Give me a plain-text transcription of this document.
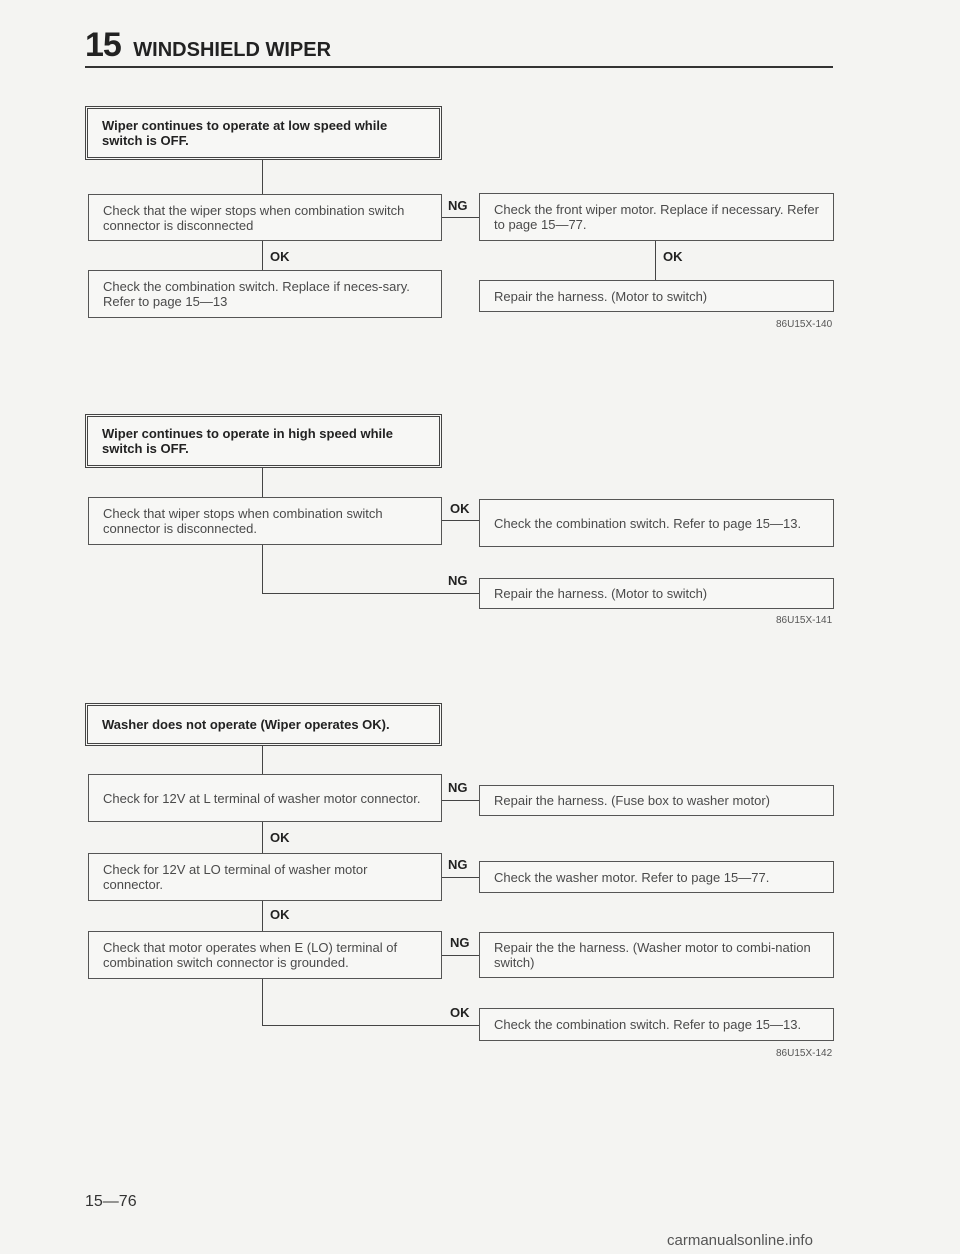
15 WINDSHIELD WIPER
Wiper continues to operate at low speed while switch is OFF.
Check that the wiper stops when combination switch connector is disconnected
NG Check the front wiper motor. Replace if necessary. Refer to page 15—77.
OK	OK
Check the combination switch. Replace if neces-sary. Refer to page 15—13	Repair the harness. (Motor to switch)
86U15X-140
Wiper continues to operate in high speed while switch is OFF.
Check that wiper stops when combination switch connector is disconnected.
OK
Check the combination switch. Refer to page 15—13.
NG
Repair the harness. (Motor to switch)
86U15X-141
Washer does not operate (Wiper operates OK).
Check for 12V at L terminal of washer motor connector.
NG
Repair the harness. (Fuse box to washer motor)
OK
Check for 12V at LO terminal of washer motor connector.
NG
Check the washer motor. Refer to page 15—77.
OK
Check that motor operates when E (LO) terminal of combination switch connector is grounded.
NG Repair the the harness. (Washer motor to combi-nation switch)
OK
Check the combination switch. Refer to page 15—13.
86U15X-142
15—76
carmanualsonline.info
